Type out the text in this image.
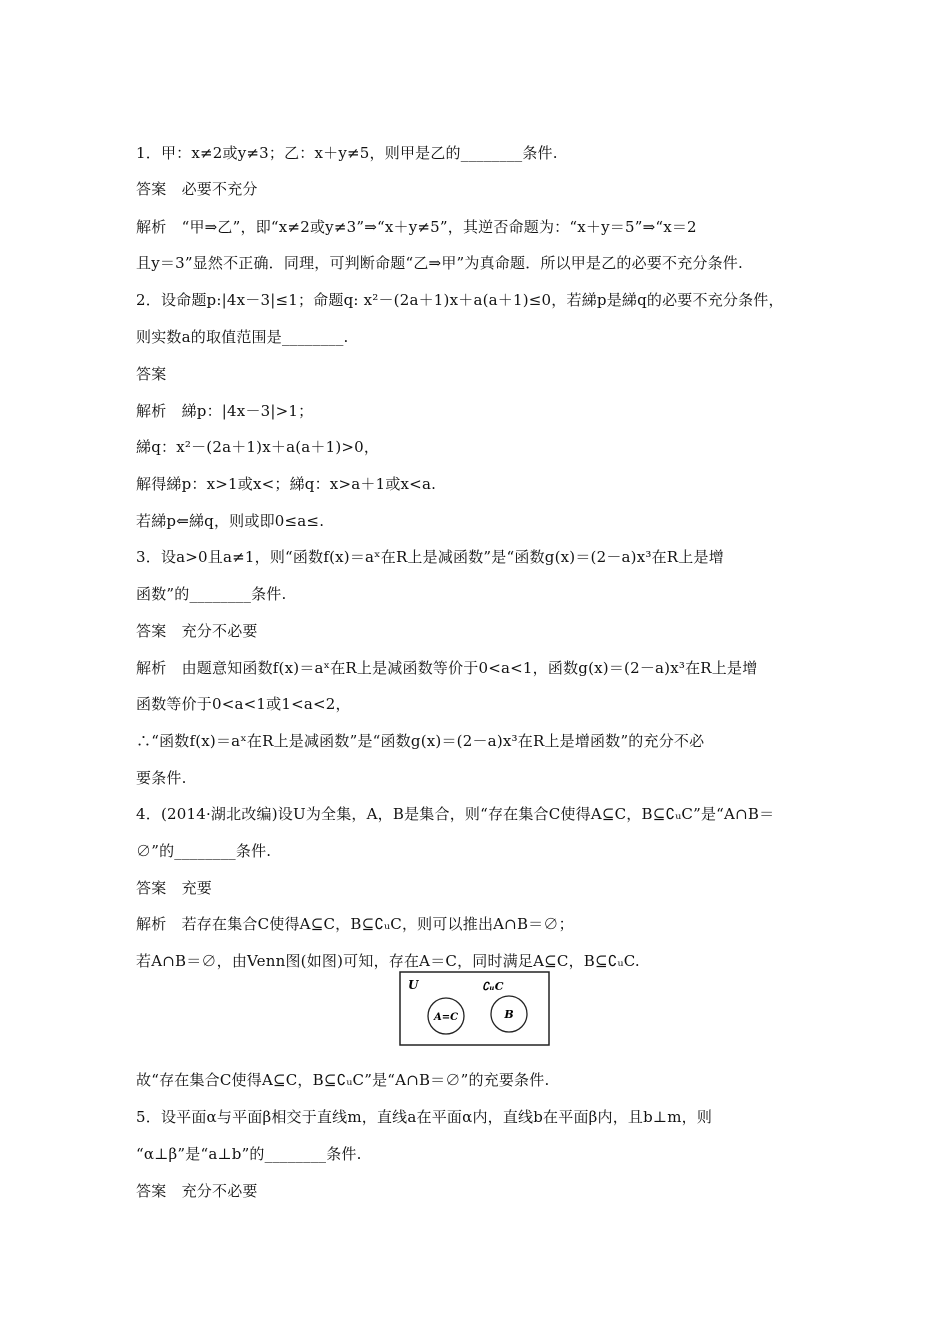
1．甲：x≠2或y≠3；乙：x＋y≠5，则甲是乙的________条件.
答案　必要不充分
解析　“甲⇒乙”，即“x≠2或y≠3”⇒“x＋y≠5”，其逆否命题为：“x＋y＝5”⇒“x＝2
且y＝3”显然不正确．同理，可判断命题“乙⇒甲”为真命题．所以甲是乙的必要不充分条件.
2．设命题p:|4x－3|≤1；命题q: x²－(2a＋1)x＋a(a＋1)≤0，若綈p是綈q的必要不充分条件，
则实数a的取值范围是________.
答案
解析　綈p：|4x－3|>1；
綈q：x²－(2a＋1)x＋a(a＋1)>0，
解得綈p：x>1或x<；綈q：x>a＋1或x<a.
若綈p⇐綈q，则或即0≤a≤.
3．设a>0且a≠1，则“函数f(x)＝aˣ在R上是减函数”是“函数g(x)＝(2－a)x³在R上是增
函数”的________条件.
答案　充分不必要
解析　由题意知函数f(x)＝aˣ在R上是减函数等价于0<a<1，函数g(x)＝(2－a)x³在R上是增
函数等价于0<a<1或1<a<2，
∴“函数f(x)＝aˣ在R上是减函数”是“函数g(x)＝(2－a)x³在R上是增函数”的充分不必
要条件.
4．(2014·湖北改编)设U为全集，A，B是集合，则“存在集合C使得A⊆C，B⊆∁ᵤC”是“A∩B＝
∅”的________条件.
答案　充要
解析　若存在集合C使得A⊆C，B⊆∁ᵤC，则可以推出A∩B＝∅；
若A∩B＝∅，由Venn图(如图)可知，存在A＝C，同时满足A⊆C，B⊆∁ᵤC.
U	∁ᵤC
A=C	B
故“存在集合C使得A⊆C，B⊆∁ᵤC”是“A∩B＝∅”的充要条件.
5．设平面α与平面β相交于直线m，直线a在平面α内，直线b在平面β内，且b⊥m，则
“α⊥β”是“a⊥b”的________条件.
答案　充分不必要
